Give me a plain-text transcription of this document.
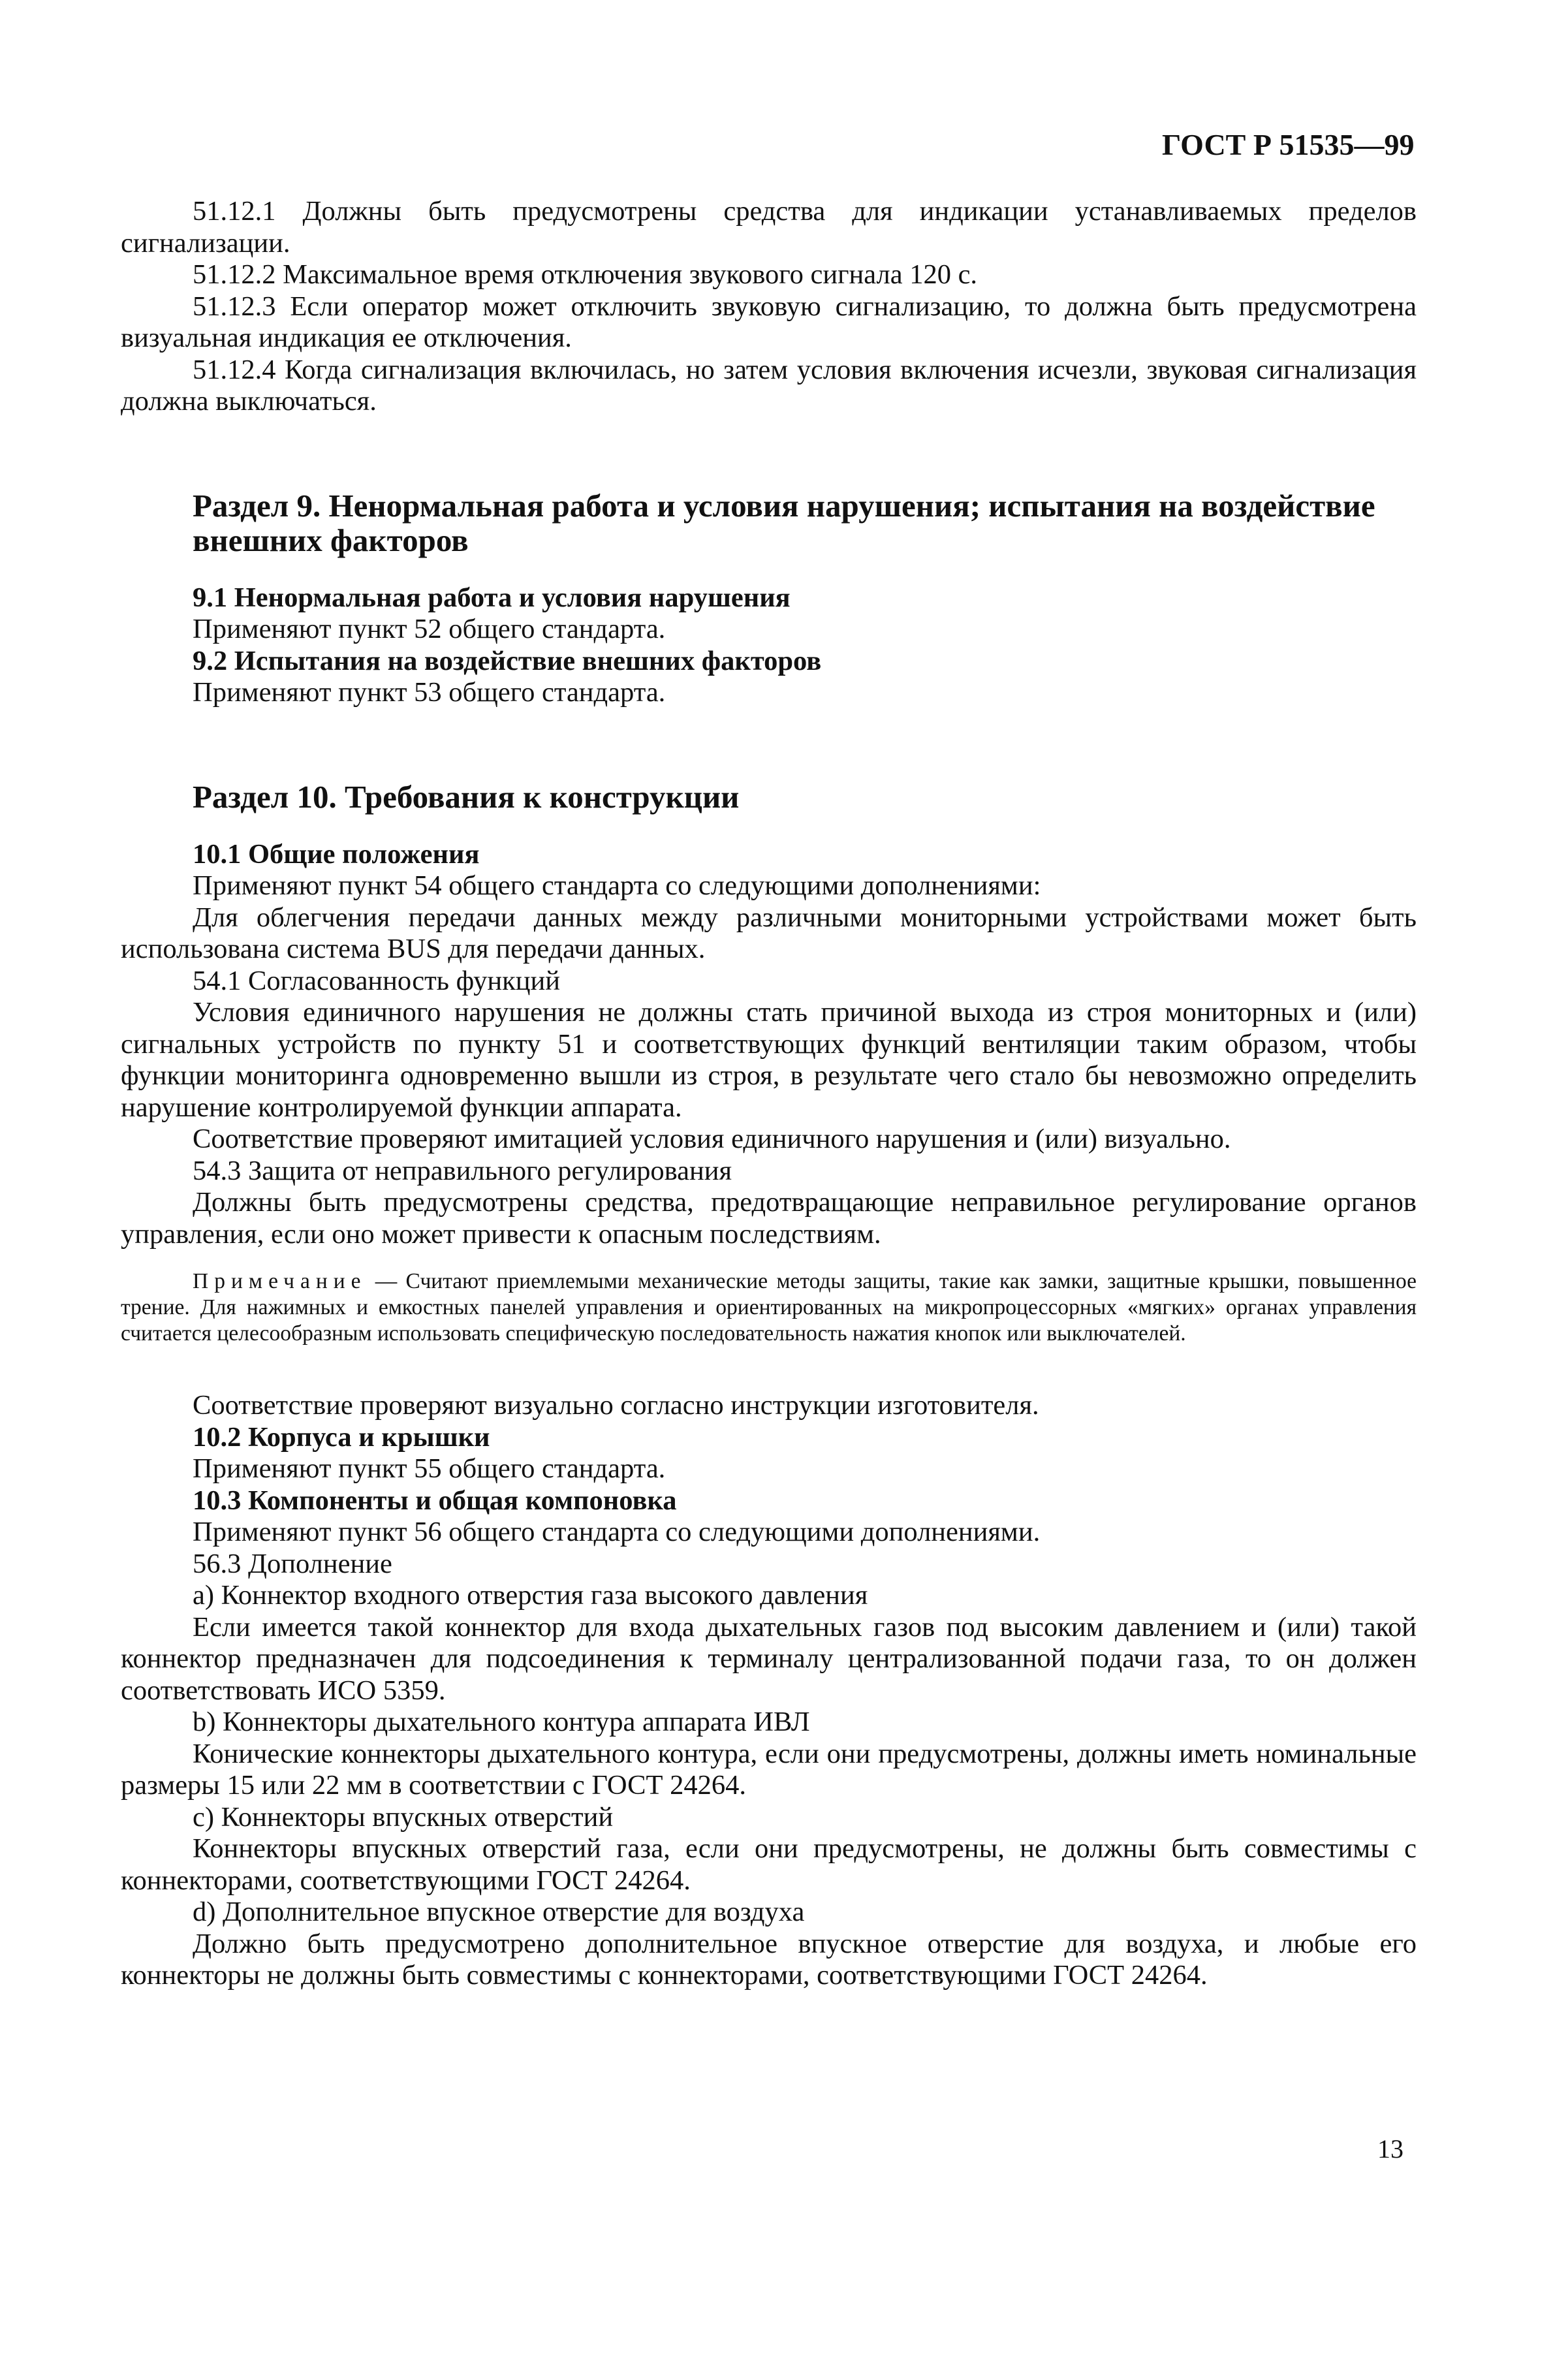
ГОСТ Р 51535—99

51.12.1 Должны быть предусмотрены средства для индикации устанавливаемых пределов сигнализации.

51.12.2 Максимальное время отключения звукового сигнала 120 с.

51.12.3 Если оператор может отключить звуковую сигнализацию, то должна быть предусмотрена визуальная индикация ее отключения.

51.12.4 Когда сигнализация включилась, но затем условия включения исчезли, звуковая сигнализация должна выключаться.

Раздел 9. Ненормальная работа и условия нарушения; испытания на воздействие внешних факторов

9.1 Ненормальная работа и условия нарушения

Применяют пункт 52 общего стандарта.

9.2 Испытания на воздействие внешних факторов

Применяют пункт 53 общего стандарта.

Раздел 10. Требования к конструкции

10.1 Общие положения

Применяют пункт 54 общего стандарта со следующими дополнениями:

Для облегчения передачи данных между различными мониторными устройствами может быть использована система BUS для передачи данных.

54.1 Согласованность функций

Условия единичного нарушения не должны стать причиной выхода из строя мониторных и (или) сигнальных устройств по пункту 51 и соответствующих функций вентиляции таким образом, чтобы функции мониторинга одновременно вышли из строя, в результате чего стало бы невозможно определить нарушение контролируемой функции аппарата.

Соответствие проверяют имитацией условия единичного нарушения и (или) визуально.

54.3 Защита от неправильного регулирования

Должны быть предусмотрены средства, предотвращающие неправильное регулирование органов управления, если оно может привести к опасным последствиям.

Примечание — Считают приемлемыми механические методы защиты, такие как замки, защитные крышки, повышенное трение. Для нажимных и емкостных панелей управления и ориентированных на микропроцессорных «мягких» органах управления считается целесообразным использовать специфическую последовательность нажатия кнопок или выключателей.

Соответствие проверяют визуально согласно инструкции изготовителя.

10.2 Корпуса и крышки

Применяют пункт 55 общего стандарта.

10.3 Компоненты и общая компоновка

Применяют пункт 56 общего стандарта со следующими дополнениями.

56.3 Дополнение

а) Коннектор входного отверстия газа высокого давления

Если имеется такой коннектор для входа дыхательных газов под высоким давлением и (или) такой коннектор предназначен для подсоединения к терминалу централизованной подачи газа, то он должен соответствовать ИСО 5359.

b) Коннекторы дыхательного контура аппарата ИВЛ

Конические коннекторы дыхательного контура, если они предусмотрены, должны иметь номинальные размеры 15 или 22 мм в соответствии с ГОСТ 24264.

с) Коннекторы впускных отверстий

Коннекторы впускных отверстий газа, если они предусмотрены, не должны быть совместимы с коннекторами, соответствующими ГОСТ 24264.

d) Дополнительное впускное отверстие для воздуха

Должно быть предусмотрено дополнительное впускное отверстие для воздуха, и любые его коннекторы не должны быть совместимы с коннекторами, соответствующими ГОСТ 24264.

13
